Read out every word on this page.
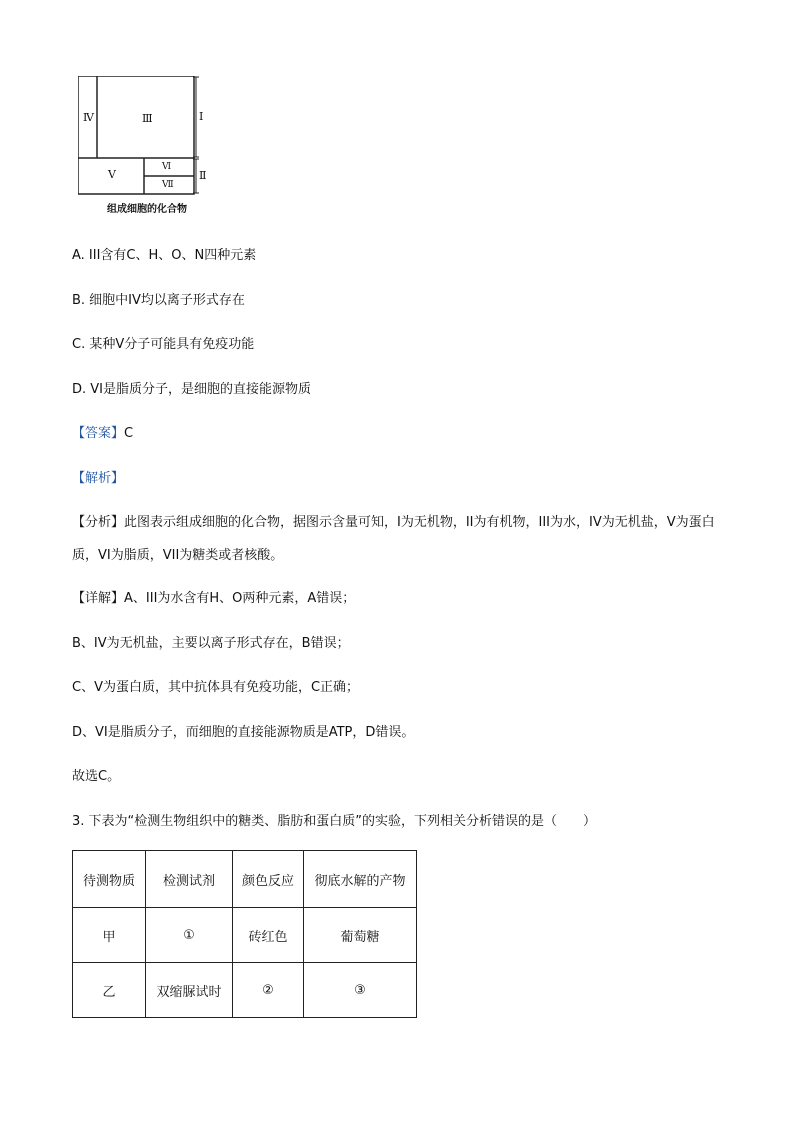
Ⅳ	Ⅲ	Ⅰ
Ⅴ
Ⅵ
Ⅶ
Ⅱ
组成细胞的化合物
A. III含有C、H、O、N四种元素
B. 细胞中IV均以离子形式存在
C. 某种V分子可能具有免疫功能
D. VI是脂质分子，是细胞的直接能源物质
【答案】C
【解析】
【分析】此图表示组成细胞的化合物，据图示含量可知，I为无机物，II为有机物，III为水，IV为无机盐，V为蛋白质，VI为脂质，VII为糖类或者核酸。
【详解】A、III为水含有H、O两种元素，A错误；
B、IV为无机盐，主要以离子形式存在，B错误；
C、V为蛋白质，其中抗体具有免疫功能，C正确；
D、VI是脂质分子，而细胞的直接能源物质是ATP，D错误。
故选C。
3. 下表为“检测生物组织中的糖类、脂肪和蛋白质”的实验，下列相关分析错误的是（　　）
待测物质	检测试剂	颜色反应	彻底水解的产物
甲	①	砖红色	葡萄糖
乙	双缩脲试时	②	③
